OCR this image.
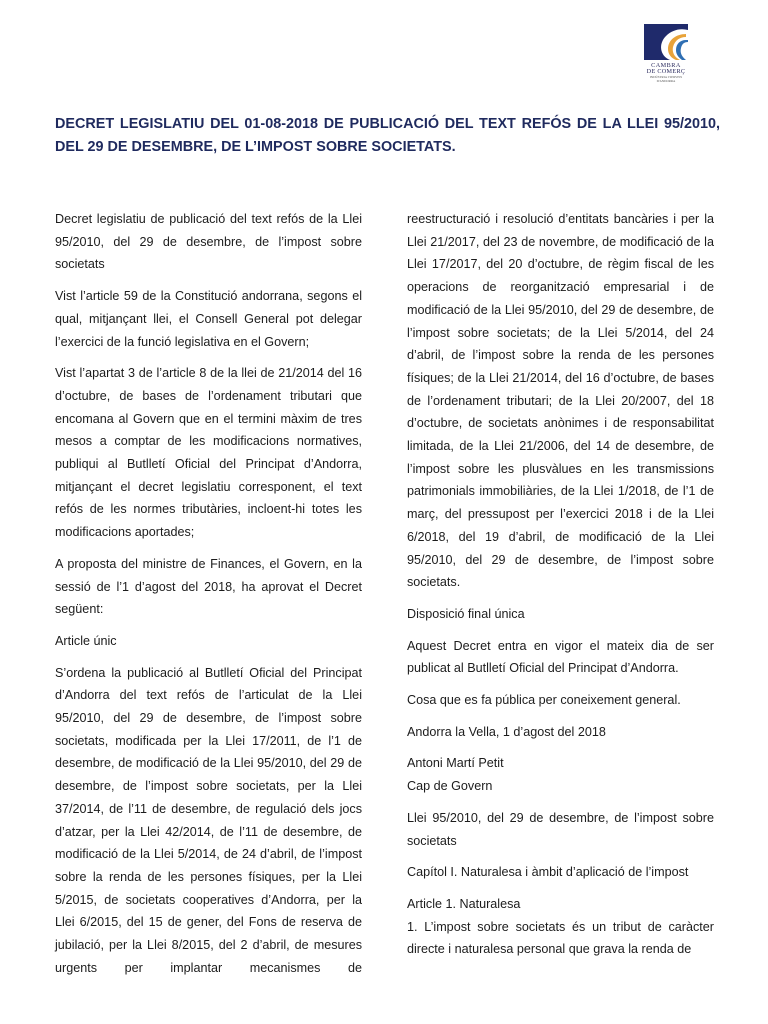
CAMBRA
DE COMERÇ
INDÚSTRIA I SERVEIS
D'ANDORRA
DECRET LEGISLATIU DEL 01-08-2018 DE PUBLICACIÓ DEL TEXT REFÓS DE LA LLEI 95/2010, DEL 29 DE DESEMBRE, DE L’IMPOST SOBRE SOCIETATS.

Decret legislatiu de publicació del text refós de la Llei 95/2010, del 29 de desembre, de l’impost sobre societats

Vist l’article 59 de la Constitució andorrana, segons el qual, mitjançant llei, el Consell General pot delegar l’exercici de la funció legislativa en el Govern;

Vist l’apartat 3 de l’article 8 de la llei de 21/2014 del 16 d’octubre, de bases de l’ordenament tributari que encomana al Govern que en el termini màxim de tres mesos a comptar de les modificacions normatives, publiqui al Butlletí Oficial del Principat d’Andorra, mitjançant el decret legislatiu corresponent, el text refós de les normes tributàries, incloent-hi totes les modificacions aportades;

A proposta del ministre de Finances, el Govern, en la sessió de l’1 d’agost del 2018, ha aprovat el Decret següent:

Article únic

S’ordena la publicació al Butlletí Oficial del Principat d’Andorra del text refós de l’articulat de la Llei 95/2010, del 29 de desembre, de l’impost sobre societats, modificada per la Llei 17/2011, de l’1 de desembre, de modificació de la Llei 95/2010, del 29 de desembre, de l’impost sobre societats, per la Llei 37/2014, de l’11 de desembre, de regulació dels jocs d’atzar, per la Llei 42/2014, de l’11 de desembre, de modificació de la Llei 5/2014, de 24 d’abril, de l’impost sobre la renda de les persones físiques, per la Llei 5/2015, de societats cooperatives d’Andorra, per la Llei 6/2015, del 15 de gener, del Fons de reserva de jubilació, per la Llei 8/2015, del 2 d’abril, de mesures urgents per implantar mecanismes de

reestructuració i resolució d’entitats bancàries i per la Llei 21/2017, del 23 de novembre, de modificació de la Llei 17/2017, del 20 d’octubre, de règim fiscal de les operacions de reorganització empresarial i de modificació de la Llei 95/2010, del 29 de desembre, de l’impost sobre societats; de la Llei 5/2014, del 24 d’abril, de l’impost sobre la renda de les persones físiques; de la Llei 21/2014, del 16 d’octubre, de bases de l’ordenament tributari; de la Llei 20/2007, del 18 d’octubre, de societats anònimes i de responsabilitat limitada, de la Llei 21/2006, del 14 de desembre, de l’impost sobre les plusvàlues en les transmissions patrimonials immobiliàries, de la Llei 1/2018, de l’1 de març, del pressupost per l’exercici 2018 i de la Llei 6/2018, del 19 d’abril, de modificació de la Llei 95/2010, del 29 de desembre, de l’impost sobre societats.

Disposició final única

Aquest Decret entra en vigor el mateix dia de ser publicat al Butlletí Oficial del Principat d’Andorra.

Cosa que es fa pública per coneixement general.

Andorra la Vella, 1 d’agost del 2018

Antoni Martí Petit

Cap de Govern

Llei 95/2010, del 29 de desembre, de l’impost sobre societats

Capítol I. Naturalesa i àmbit d’aplicació de l’impost

Article 1. Naturalesa

1. L’impost sobre societats és un tribut de caràcter directe i naturalesa personal que grava la renda de
